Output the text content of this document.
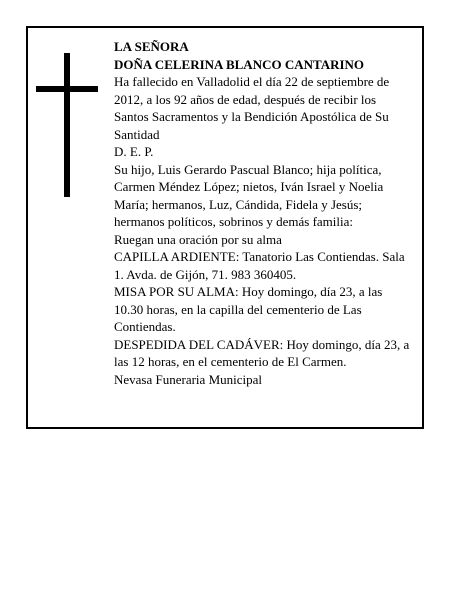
LA SEÑORA

DOÑA CELERINA BLANCO CANTARINO

Ha fallecido en Valladolid el día 22 de septiembre de 2012, a los 92 años de edad, después de recibir los Santos Sacramentos y la Bendición Apostólica de Su Santidad

D. E. P.

Su hijo, Luis Gerardo Pascual Blanco; hija política, Carmen Méndez López; nietos, Iván Israel y Noelia María; hermanos, Luz, Cándida, Fidela y Jesús; hermanos políticos, sobrinos y demás familia:

Ruegan una oración por su alma

CAPILLA ARDIENTE: Tanatorio Las Contiendas. Sala 1. Avda. de Gijón, 71. 983 360405.

MISA POR SU ALMA: Hoy domingo, día 23, a las 10.30 horas, en la capilla del cementerio de Las Contiendas.

DESPEDIDA DEL CADÁVER: Hoy domingo, día 23, a las 12 horas, en el cementerio de El Carmen.

Nevasa Funeraria Municipal
